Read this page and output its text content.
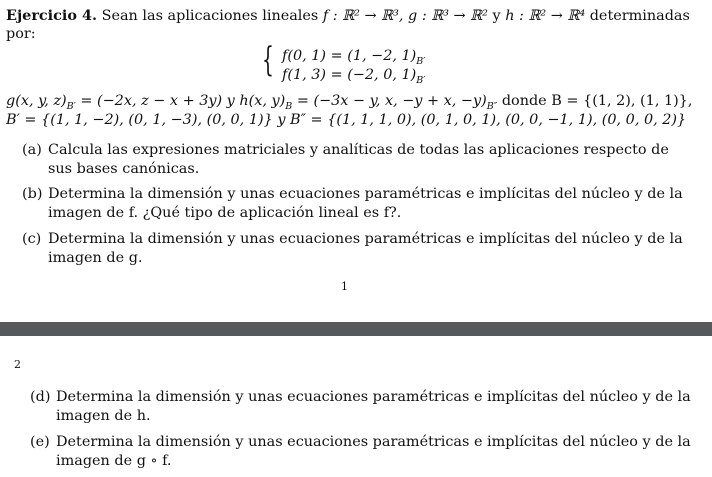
Ejercicio 4. Sean las aplicaciones lineales f : ℝ² → ℝ³, g : ℝ³ → ℝ² y h : ℝ² → ℝ⁴ determinadas
por:
{ f(0, 1) = (1, −2, $1)_{B'}$
f(1, 3) = (−2, 0, $1)_{B'}$
g(x, y, $z)_{B'} = (-2x$, z − x + 3y) y h(x, $y)_B = (-3x - y$, x, −y + x, $-y)_{B''}$ donde B = {(1, 2), (1, 1)},
B′ = {(1, 1, −2), (0, 1, −3), (0, 0, 1)} y B″ = {(1, 1, 1, 0), (0, 1, 0, 1), (0, 0, −1, 1), (0, 0, 0, 2)}
(a) Calcula las expresiones matriciales y analíticas de todas las aplicaciones respecto de sus bases canónicas.
(b) Determina la dimensión y unas ecuaciones paramétricas e implícitas del núcleo y de la imagen de f. ¿Qué tipo de aplicación lineal es f?.
(c) Determina la dimensión y unas ecuaciones paramétricas e implícitas del núcleo y de la imagen de g.
1
2
(d) Determina la dimensión y unas ecuaciones paramétricas e implícitas del núcleo y de la imagen de h.
(e) Determina la dimensión y unas ecuaciones paramétricas e implícitas del núcleo y de la imagen de g ∘ f.
